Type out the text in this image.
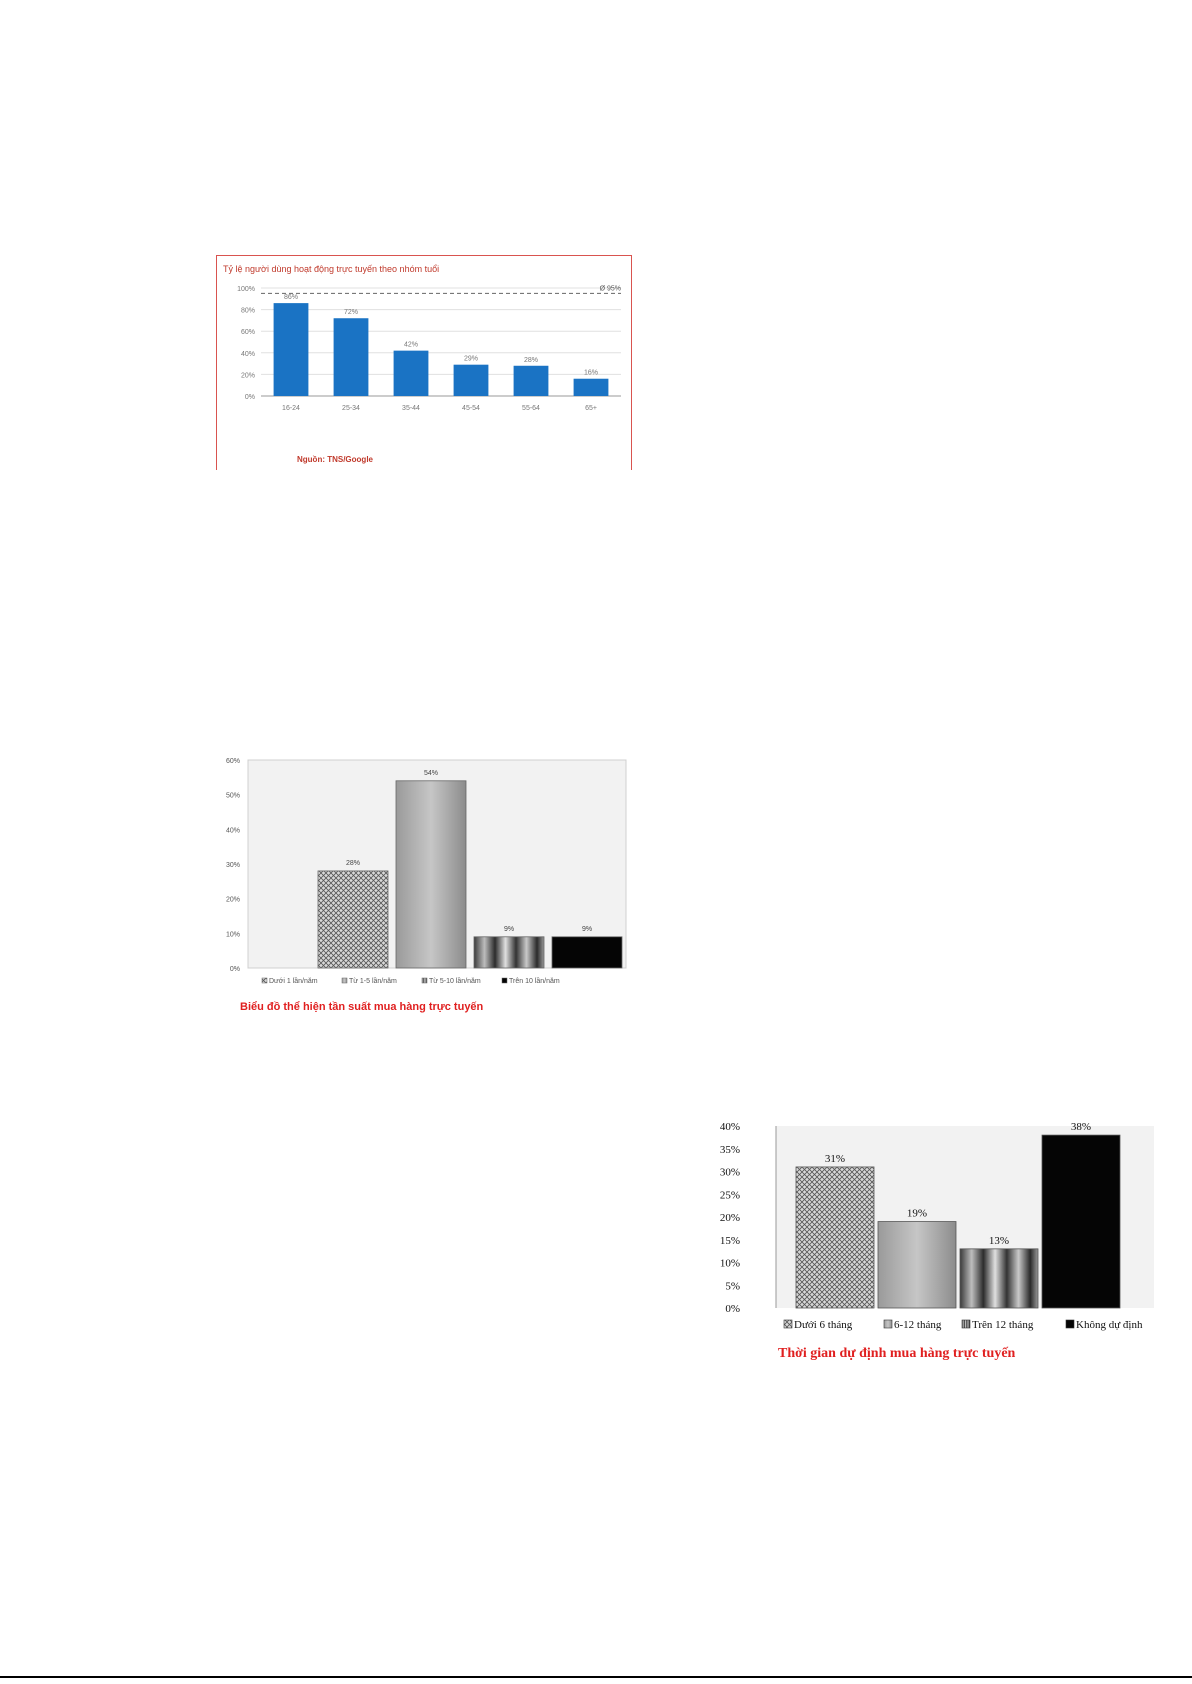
Tỷ lệ người dùng hoạt động trực tuyến theo nhóm tuổi
0%
20%
40%
60%
80%
100%	Ø 95%
86%
16-24
72%
25-34
42%
35-44
29%
45-54
28%
55-64
16%
65+
Nguồn: TNS/Google
0%
10%
20%
30%
40%
50%
60%
28%
54%
9%	9%
Dưới 1 lần/năm	Từ 1-5 lần/năm	Từ 5-10 lần/năm	Trên 10 lần/năm
Biểu đồ thể hiện tần suất mua hàng trực tuyến
0%
5%
10%
15%
20%
25%
30%
35%
40%
31%
19%
13%
38%
Dưới 6 tháng	6-12 tháng	Trên 12 tháng	Không dự định
Thời gian dự định mua hàng trực tuyến
